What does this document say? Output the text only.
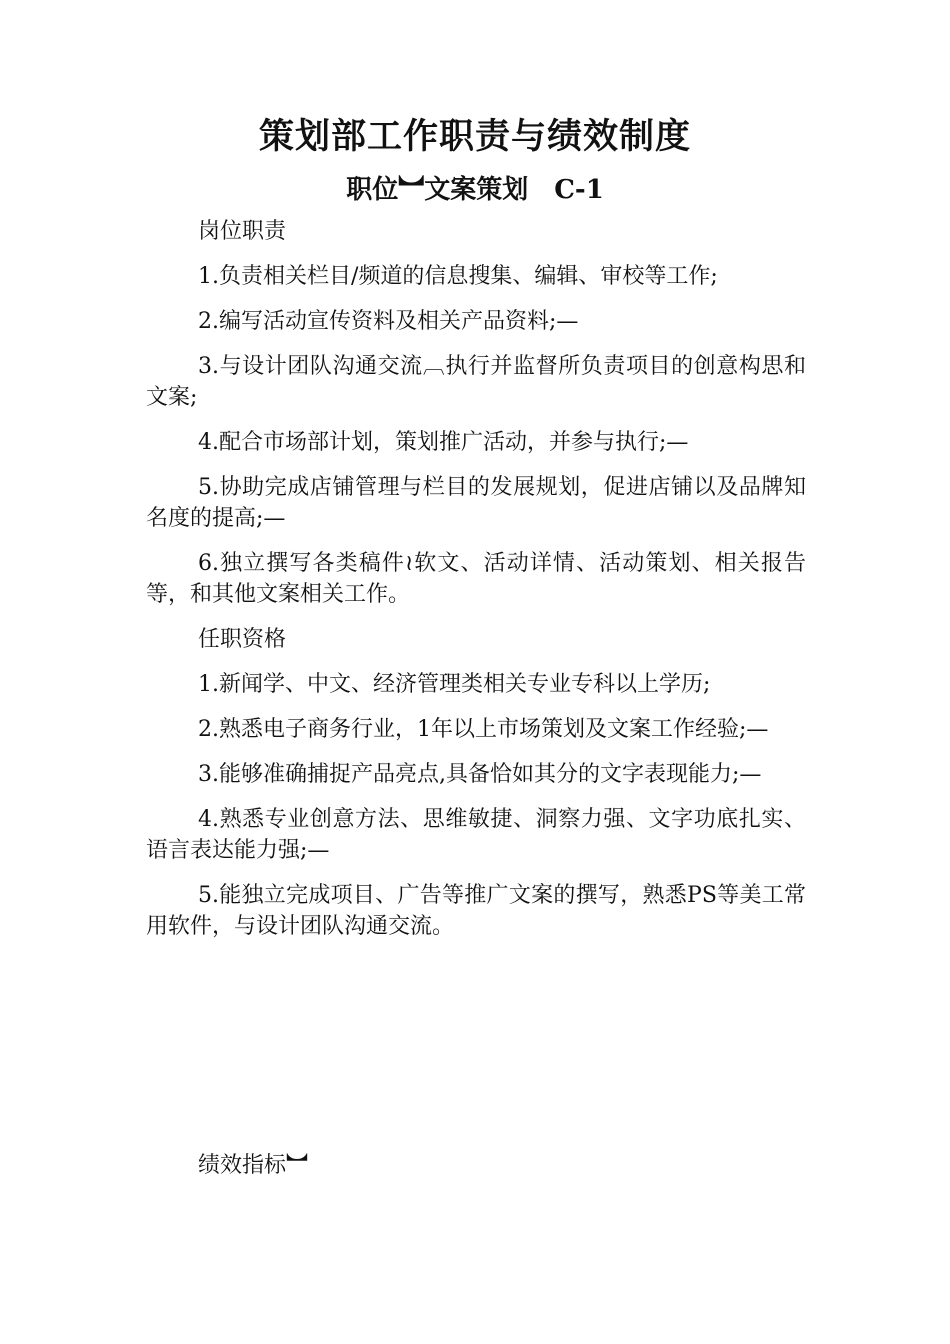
策划部工作职责与绩效制度
职位︼文案策划　C-1

岗位职责

1.负责相关栏目/频道的信息搜集、编辑、审校等工作;

2.编写活动宣传资料及相关产品资料;—

3.与设计团队沟通交流︹执行并监督所负责项目的创意构思和文案;

4.配合市场部计划，策划推广活动，并参与执行;—

5.协助完成店铺管理与栏目的发展规划，促进店铺以及品牌知名度的提高;—

6.独立撰写各类稿件≀软文、活动详情、活动策划、相关报告等，和其他文案相关工作。

任职资格

1.新闻学、中文、经济管理类相关专业专科以上学历;

2.熟悉电子商务行业，1年以上市场策划及文案工作经验;—

3.能够准确捕捉产品亮点,具备恰如其分的文字表现能力;—

4.熟悉专业创意方法、思维敏捷、洞察力强、文字功底扎实、语言表达能力强;—

5.能独立完成项目、广告等推广文案的撰写，熟悉PS等美工常用软件，与设计团队沟通交流。

绩效指标︼
